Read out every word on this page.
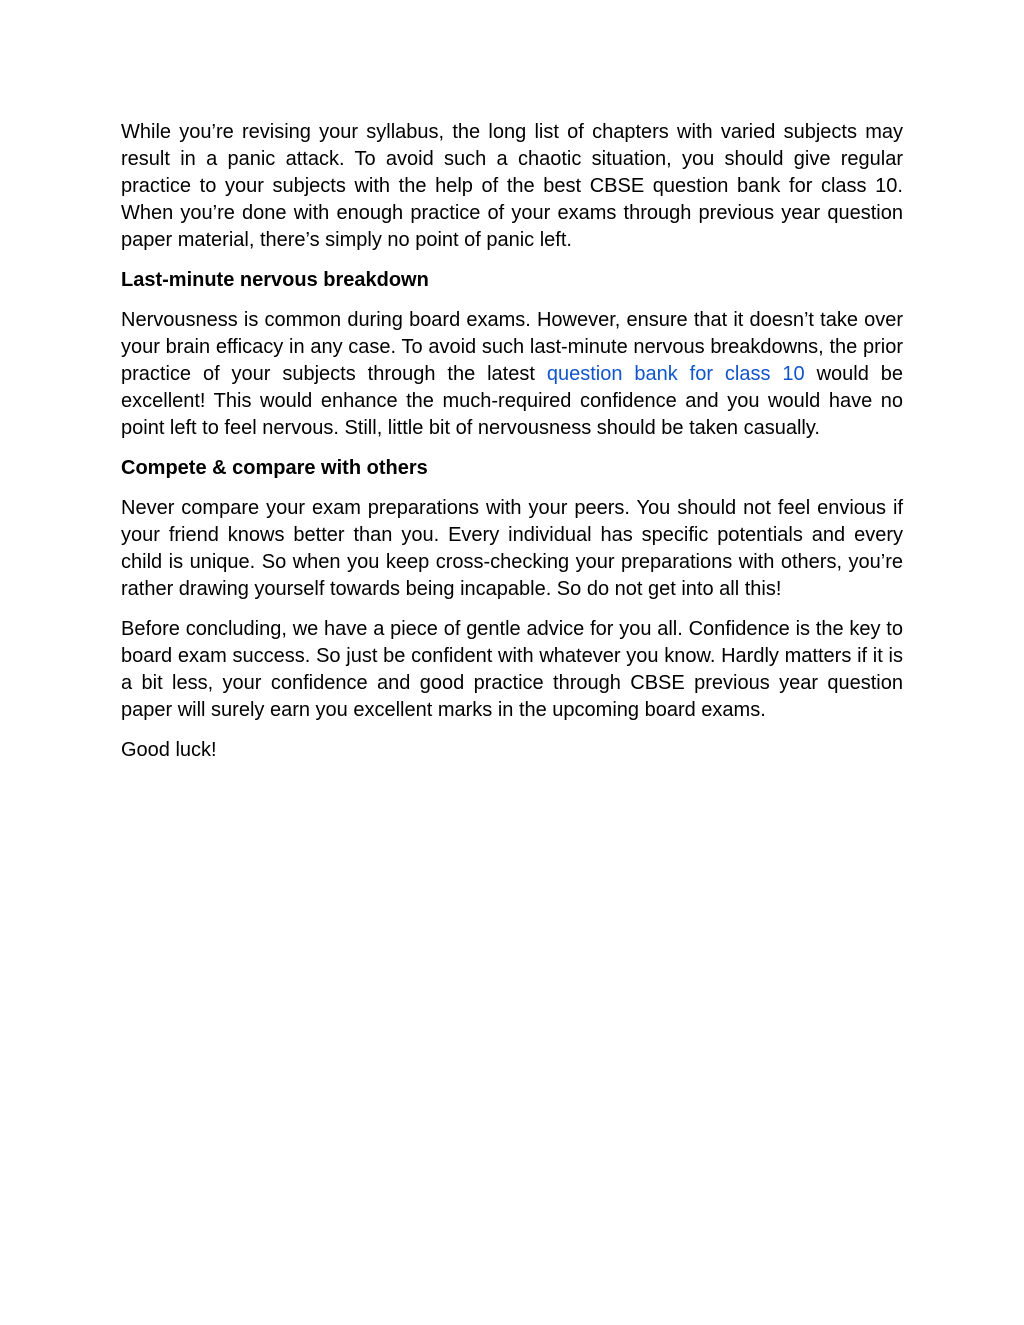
While you’re revising your syllabus, the long list of chapters with varied subjects may result in a panic attack. To avoid such a chaotic situation, you should give regular practice to your subjects with the help of the best CBSE question bank for class 10. When you’re done with enough practice of your exams through previous year question paper material, there’s simply no point of panic left.

Last-minute nervous breakdown

Nervousness is common during board exams. However, ensure that it doesn’t take over your brain efficacy in any case. To avoid such last-minute nervous breakdowns, the prior practice of your subjects through the latest question bank for class 10 would be excellent! This would enhance the much-required confidence and you would have no point left to feel nervous. Still, little bit of nervousness should be taken casually.

Compete & compare with others

Never compare your exam preparations with your peers. You should not feel envious if your friend knows better than you. Every individual has specific potentials and every child is unique. So when you keep cross-checking your preparations with others, you’re rather drawing yourself towards being incapable. So do not get into all this!

Before concluding, we have a piece of gentle advice for you all. Confidence is the key to board exam success. So just be confident with whatever you know. Hardly matters if it is a bit less, your confidence and good practice through CBSE previous year question paper will surely earn you excellent marks in the upcoming board exams.

Good luck!
